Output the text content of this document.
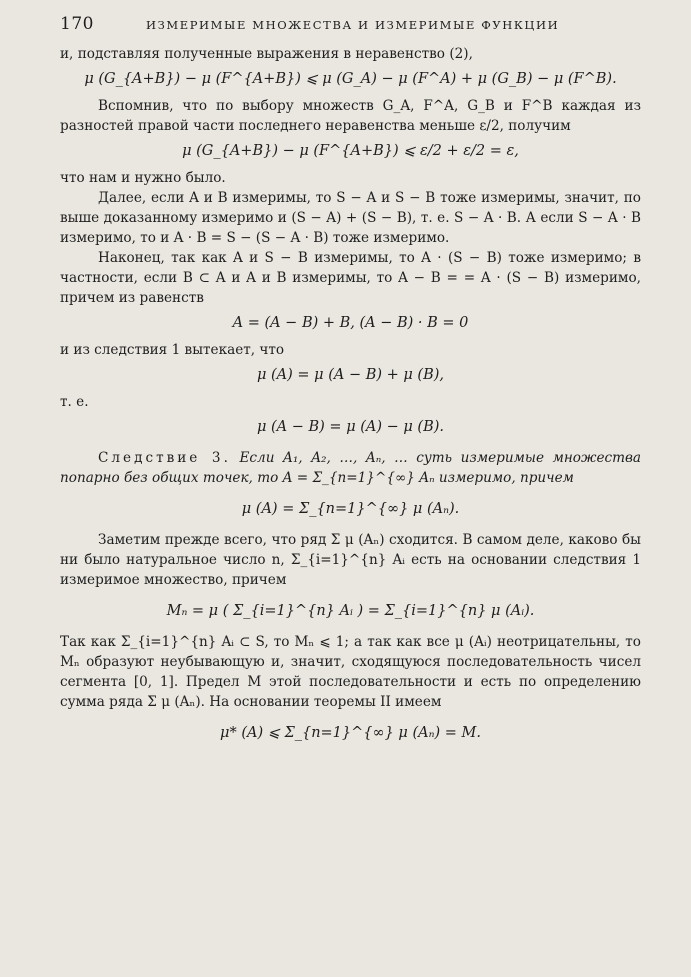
170	ИЗМЕРИМЫЕ МНОЖЕСТВА И ИЗМЕРИМЫЕ ФУНКЦИИ

и, подставляя полученные выражения в неравенство (2),

μ (G_{A+B}) − μ (F^{A+B}) ⩽ μ (G_A) − μ (F^A) + μ (G_B) − μ (F^B).

Вспомнив, что по выбору множеств G_A, F^A, G_B и F^B каждая из разностей правой части последнего неравенства меньше ε/2, получим

μ (G_{A+B}) − μ (F^{A+B}) ⩽ ε/2 + ε/2 = ε,

что нам и нужно было.

Далее, если A и B измеримы, то S − A и S − B тоже измеримы, значит, по выше доказанному измеримо и (S − A) + (S − B), т. е. S − A · B. А если S − A · B измеримо, то и A · B = S − (S − A · B) тоже измеримо.

Наконец, так как A и S − B измеримы, то A · (S − B) тоже измеримо; в частности, если B ⊂ A и A и B измеримы, то A − B = = A · (S − B) измеримо, причем из равенств

A = (A − B) + B, (A − B) · B = 0

и из следствия 1 вытекает, что

μ (A) = μ (A − B) + μ (B),

т. е.

μ (A − B) = μ (A) − μ (B).

Следствие 3. Если A₁, A₂, …, Aₙ, … суть измеримые множества попарно без общих точек, то A = Σ_{n=1}^{∞} Aₙ измеримо, причем

μ (A) = Σ_{n=1}^{∞} μ (Aₙ).

Заметим прежде всего, что ряд Σ μ (Aₙ) сходится. В самом деле, каково бы ни было натуральное число n, Σ_{i=1}^{n} Aᵢ есть на основании следствия 1 измеримое множество, причем

Mₙ = μ ( Σ_{i=1}^{n} Aᵢ ) = Σ_{i=1}^{n} μ (Aᵢ).

Так как Σ_{i=1}^{n} Aᵢ ⊂ S, то Mₙ ⩽ 1; а так как все μ (Aᵢ) неотрицательны, то Mₙ образуют неубывающую и, значит, сходящуюся последовательность чисел сегмента [0, 1]. Предел M этой последовательности и есть по определению сумма ряда Σ μ (Aₙ). На основании теоремы II имеем

μ* (A) ⩽ Σ_{n=1}^{∞} μ (Aₙ) = M.
